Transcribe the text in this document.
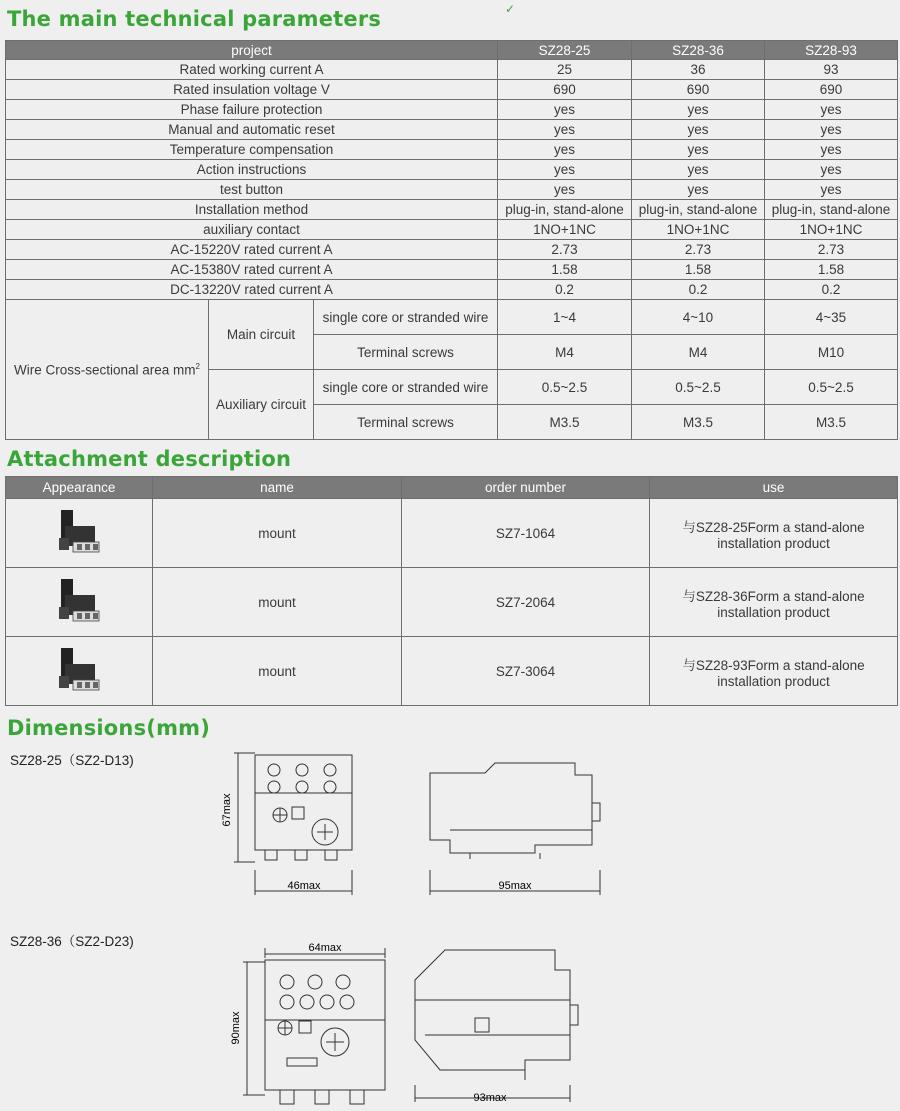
✓
The main technical parameters
project			SZ28-25	SZ28-36	SZ28-93
Rated working current A			25	36	93
Rated insulation voltage V			690	690	690
Phase failure protection			yes	yes	yes
Manual and automatic reset			yes	yes	yes
Temperature compensation			yes	yes	yes
Action instructions			yes	yes	yes
test button			yes	yes	yes
Installation method			plug-in, stand-alone	plug-in, stand-alone	plug-in, stand-alone
auxiliary contact			1NO+1NC	1NO+1NC	1NO+1NC
AC-15220V rated current A			2.73	2.73	2.73
AC-15380V rated current A			1.58	1.58	1.58
DC-13220V rated current A			0.2	0.2	0.2
Wire Cross-sectional area $mm^2$	Main circuit	single core or stranded wire	1~4	4~10	4~35
		Terminal screws	M4	M4	M10
	Auxiliary circuit	single core or stranded wire	0.5~2.5	0.5~2.5	0.5~2.5
		Terminal screws	M3.5	M3.5	M3.5
Attachment description
Appearance	name	order number	use
	mount	SZ7-1064	与SZ28-25Form a stand-alone
installation product

	mount	SZ7-2064	与SZ28-36Form a stand-alone
installation product

	mount	SZ7-3064	与SZ28-93Form a stand-alone
installation product
Dimensions(mm)
SZ28-25（SZ2-D13)
67max
46max	95max
SZ28-36（SZ2-D23)	64max
90max
93max
